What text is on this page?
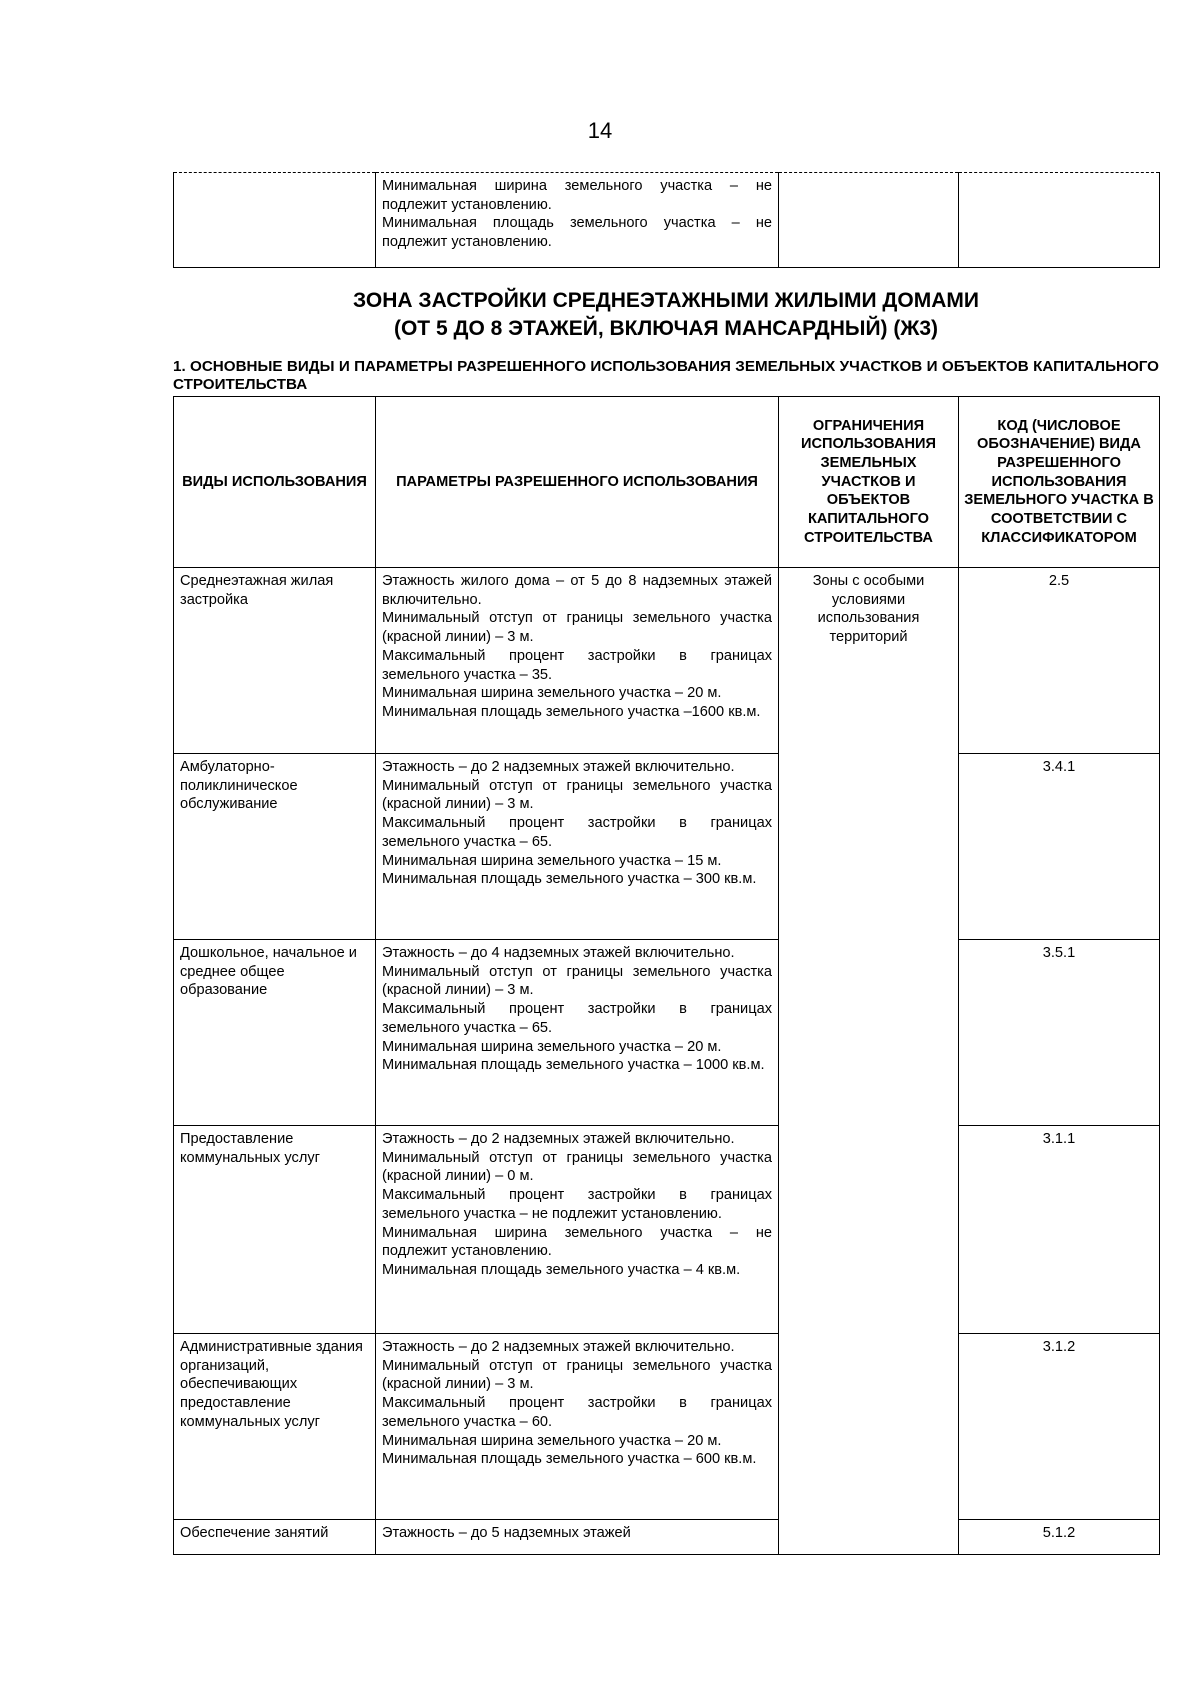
14

Минимальная ширина земельного участка – не подлежит установлению.
Минимальная площадь земельного участка – не подлежит установлению.

ЗОНА ЗАСТРОЙКИ СРЕДНЕЭТАЖНЫМИ ЖИЛЫМИ ДОМАМИ
(ОТ 5 ДО 8 ЭТАЖЕЙ, ВКЛЮЧАЯ МАНСАРДНЫЙ) (Ж3)
1. ОСНОВНЫЕ ВИДЫ И ПАРАМЕТРЫ РАЗРЕШЕННОГО ИСПОЛЬЗОВАНИЯ ЗЕМЕЛЬНЫХ УЧАСТКОВ И ОБЪЕКТОВ КАПИТАЛЬНОГО СТРОИТЕЛЬСТВА
ВИДЫ ИСПОЛЬЗОВАНИЯ	ПАРАМЕТРЫ РАЗРЕШЕННОГО ИСПОЛЬЗОВАНИЯ	ОГРАНИЧЕНИЯ ИСПОЛЬЗОВАНИЯ ЗЕМЕЛЬНЫХ УЧАСТКОВ И ОБЪЕКТОВ КАПИТАЛЬНОГО СТРОИТЕЛЬСТВА	КОД (ЧИСЛОВОЕ ОБОЗНАЧЕНИЕ) ВИДА РАЗРЕШЕННОГО ИСПОЛЬЗОВАНИЯ ЗЕМЕЛЬНОГО УЧАСТКА В СООТВЕТСТВИИ С КЛАССИФИКАТОРОМ
Среднеэтажная жилая застройка	Этажность жилого дома – от 5 до 8 надземных этажей включительно.
Минимальный отступ от границы земельного участка (красной линии) – 3 м.
Максимальный процент застройки в границах земельного участка – 35.
Минимальная ширина земельного участка – 20 м.
Минимальная площадь земельного участка –1600 кв.м.	Зоны с особыми условиями использования территорий	2.5
Амбулаторно-поликлиническое обслуживание	Этажность – до 2 надземных этажей включительно.
Минимальный отступ от границы земельного участка (красной линии) – 3 м.
Максимальный процент застройки в границах земельного участка – 65.
Минимальная ширина земельного участка – 15 м.
Минимальная площадь земельного участка – 300 кв.м.		3.4.1
Дошкольное, начальное и среднее общее образование	Этажность – до 4 надземных этажей включительно.
Минимальный отступ от границы земельного участка (красной линии) – 3 м.
Максимальный процент застройки в границах земельного участка – 65.
Минимальная ширина земельного участка – 20 м.
Минимальная площадь земельного участка – 1000 кв.м.		3.5.1
Предоставление коммунальных услуг	Этажность – до 2 надземных этажей включительно.
Минимальный отступ от границы земельного участка (красной линии) – 0 м.
Максимальный процент застройки в границах земельного участка – не подлежит установлению.
Минимальная ширина земельного участка – не подлежит установлению.
Минимальная площадь земельного участка – 4 кв.м.		3.1.1
Административные здания организаций, обеспечивающих предоставление коммунальных услуг	Этажность – до 2 надземных этажей включительно.
Минимальный отступ от границы земельного участка (красной линии) – 3 м.
Максимальный процент застройки в границах земельного участка – 60.
Минимальная ширина земельного участка – 20 м.
Минимальная площадь земельного участка – 600 кв.м.		3.1.2
Обеспечение занятий	Этажность – до 5 надземных этажей		5.1.2
